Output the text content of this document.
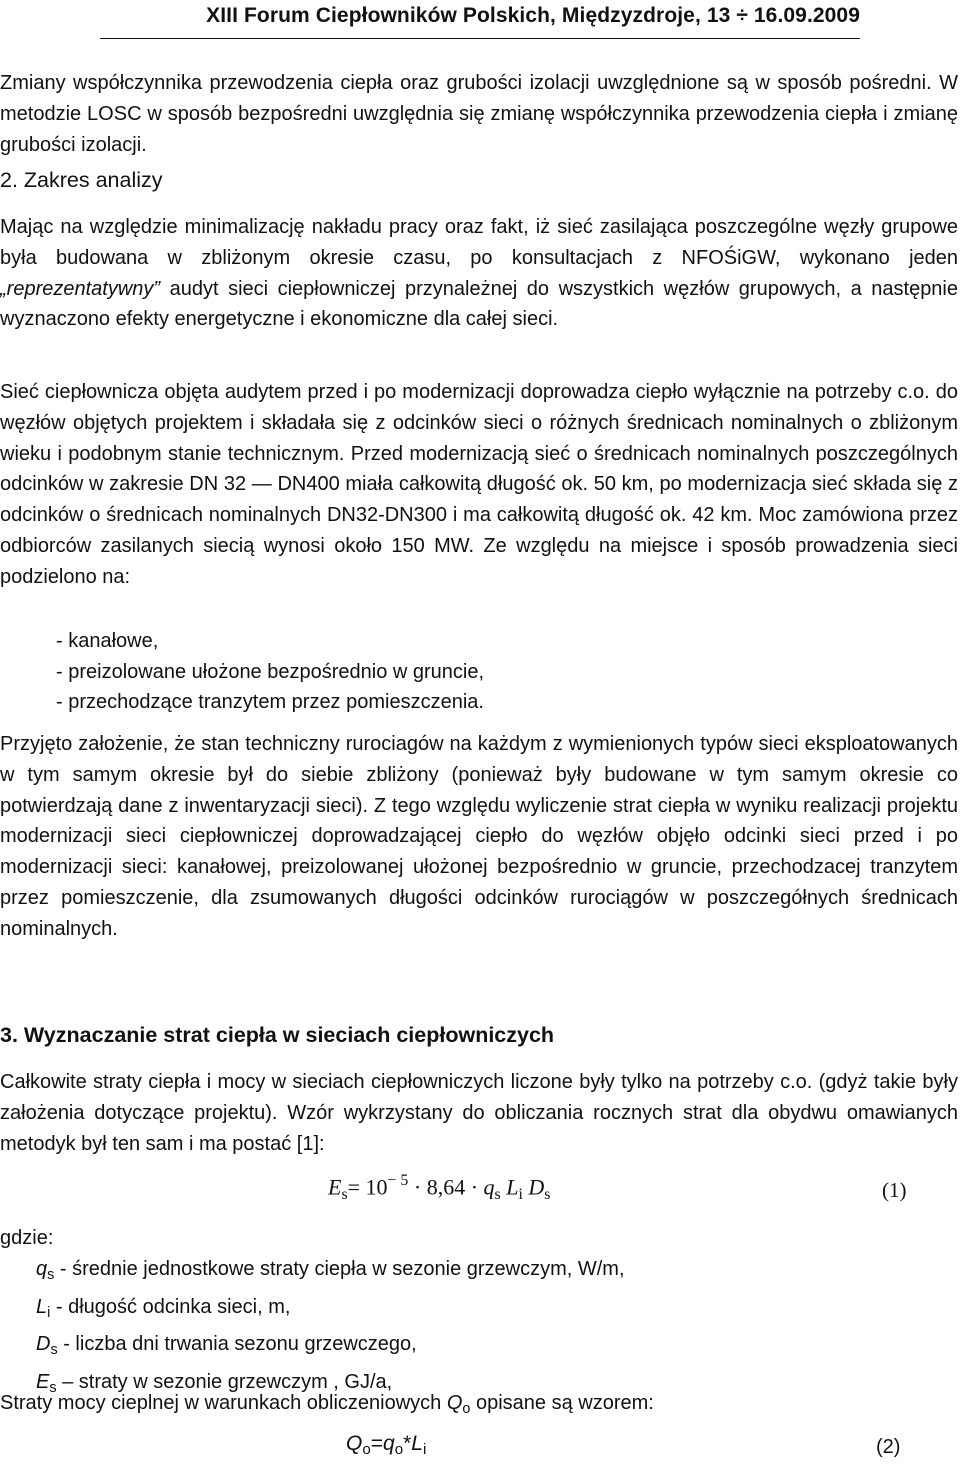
XIII Forum Ciepłowników Polskich, Międzyzdroje, 13 ÷ 16.09.2009
Zmiany współczynnika przewodzenia ciepła oraz grubości izolacji uwzględnione są w sposób pośredni. W metodzie LOSC w sposób bezpośredni uwzględnia się zmianę współczynnika przewodzenia ciepła i zmianę grubości izolacji.
2. Zakres analizy
Mając na względzie minimalizację nakładu pracy oraz fakt, iż sieć zasilająca poszczególne węzły grupowe była budowana w zbliżonym okresie czasu, po konsultacjach z NFOŚiGW, wykonano jeden „reprezentatywny” audyt sieci ciepłowniczej przynależnej do wszystkich węzłów grupowych, a następnie wyznaczono efekty energetyczne i ekonomiczne dla całej sieci.
Sieć ciepłownicza objęta audytem przed i po modernizacji doprowadza ciepło wyłącznie na potrzeby c.o. do węzłów objętych projektem i składała się z odcinków sieci o różnych średnicach nominalnych o zbliżonym wieku i podobnym stanie technicznym. Przed modernizacją sieć o średnicach nominalnych poszczególnych odcinków w zakresie DN 32 — DN400 miała całkowitą długość ok. 50 km, po modernizacja sieć składa się z odcinków o średnicach nominalnych DN32-DN300 i ma całkowitą długość ok. 42 km. Moc zamówiona przez odbiorców zasilanych siecią wynosi około 150 MW. Ze względu na miejsce i sposób prowadzenia sieci podzielono na:
- kanałowe,
- preizolowane ułożone bezpośrednio w gruncie,
- przechodzące tranzytem przez pomieszczenia.
Przyjęto założenie, że stan techniczny rurociagów na każdym z wymienionych typów sieci eksploatowanych w tym samym okresie był do siebie zbliżony (ponieważ były budowane w tym samym okresie co potwierdzają dane z inwentaryzacji sieci). Z tego względu wyliczenie strat ciepła w wyniku realizacji projektu modernizacji sieci ciepłowniczej doprowadzającej ciepło do węzłów objęło odcinki sieci przed i po modernizacji sieci: kanałowej, preizolowanej ułożonej bezpośrednio w gruncie, przechodzacej tranzytem przez pomieszczenie, dla zsumowanych długości odcinków rurociągów w poszczegółnych średnicach nominalnych.
3. Wyznaczanie strat ciepła w sieciach ciepłowniczych
Całkowite straty ciepła i mocy w sieciach ciepłowniczych liczone były tylko na potrzeby c.o. (gdyż takie były założenia dotyczące projektu). Wzór wykrzystany do obliczania rocznych strat dla obydwu omawianych metodyk był ten sam i ma postać [1]:
$E_s= 10^{- 5} \cdot 8,64 \cdot q_s$ $L_i$ $D_s$	(1)
gdzie:
$q_s$ - średnie jednostkowe straty ciepła w sezonie grzewczym, W/m,
$L_i$ - długość odcinka sieci, m,
$D_s$ - liczba dni trwania sezonu grzewczego,
$E_s$ – straty w sezonie grzewczym , GJ/a,
Straty mocy cieplnej w warunkach obliczeniowych $Q_o$ opisane są wzorem:
$Q_o=q_o*L_i$	(2)
